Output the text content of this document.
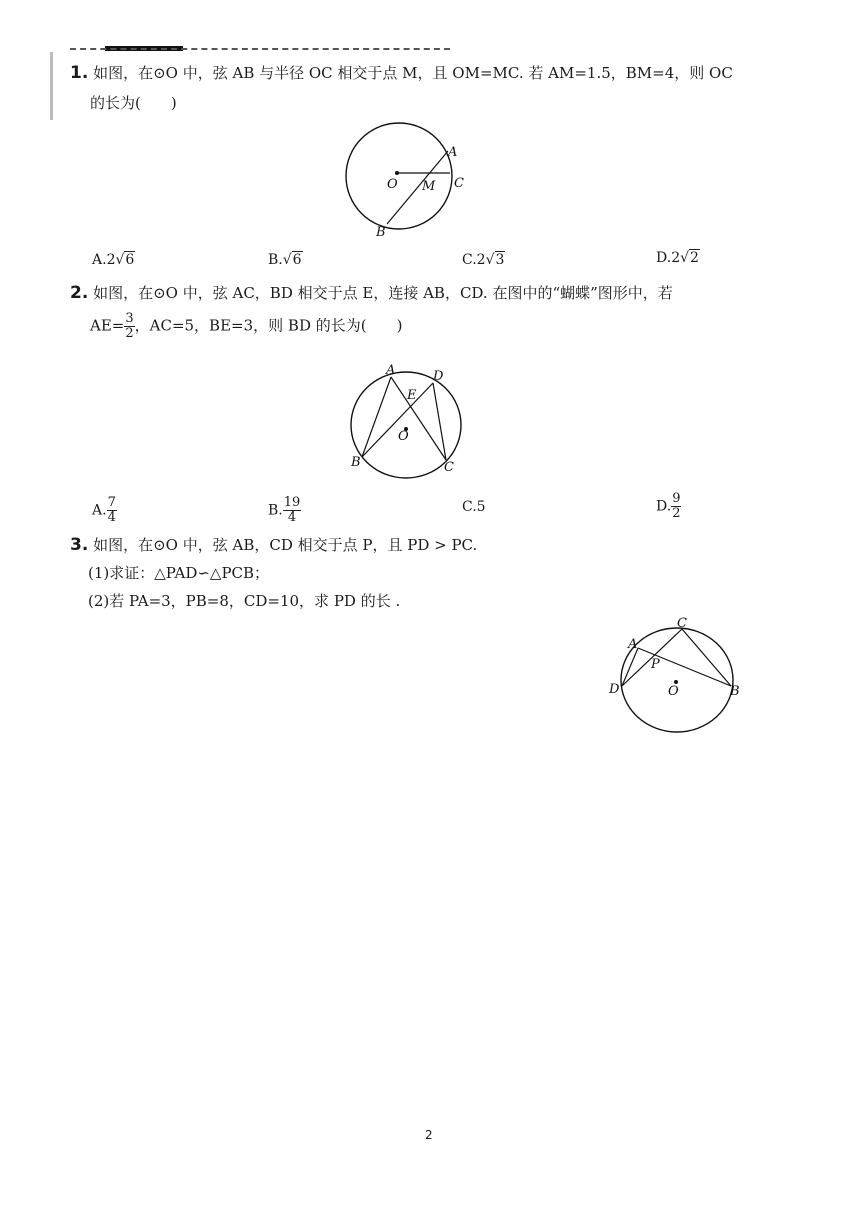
1. 如图，在⊙O 中，弦 AB 与半径 OC 相交于点 M，且 OM=MC. 若 AM=1.5，BM=4，则 OC
的长为(　　)
O M
A
C
B
A.2√6	B.√6	C.2√3	D.2√2
2. 如图，在⊙O 中，弦 AC，BD 相交于点 E，连接 AB，CD. 在图中的“蝴蝶”图形中，若
$AE= \frac{3}{2}$ ，AC=5，BE=3，则 BD 的长为(　　)
A	D
E
O
B	C
A. $\frac{7}{4}$	B. $\frac{19}{4}$	C.5	D. $\frac{9}{2}$
3. 如图，在⊙O 中，弦 AB，CD 相交于点 P，且 PD > PC.
(1)求证：△PAD∽△PCB；
(2)若 PA=3，PB=8，CD=10，求 PD 的长 .
C
A
P
D	O	B
2
